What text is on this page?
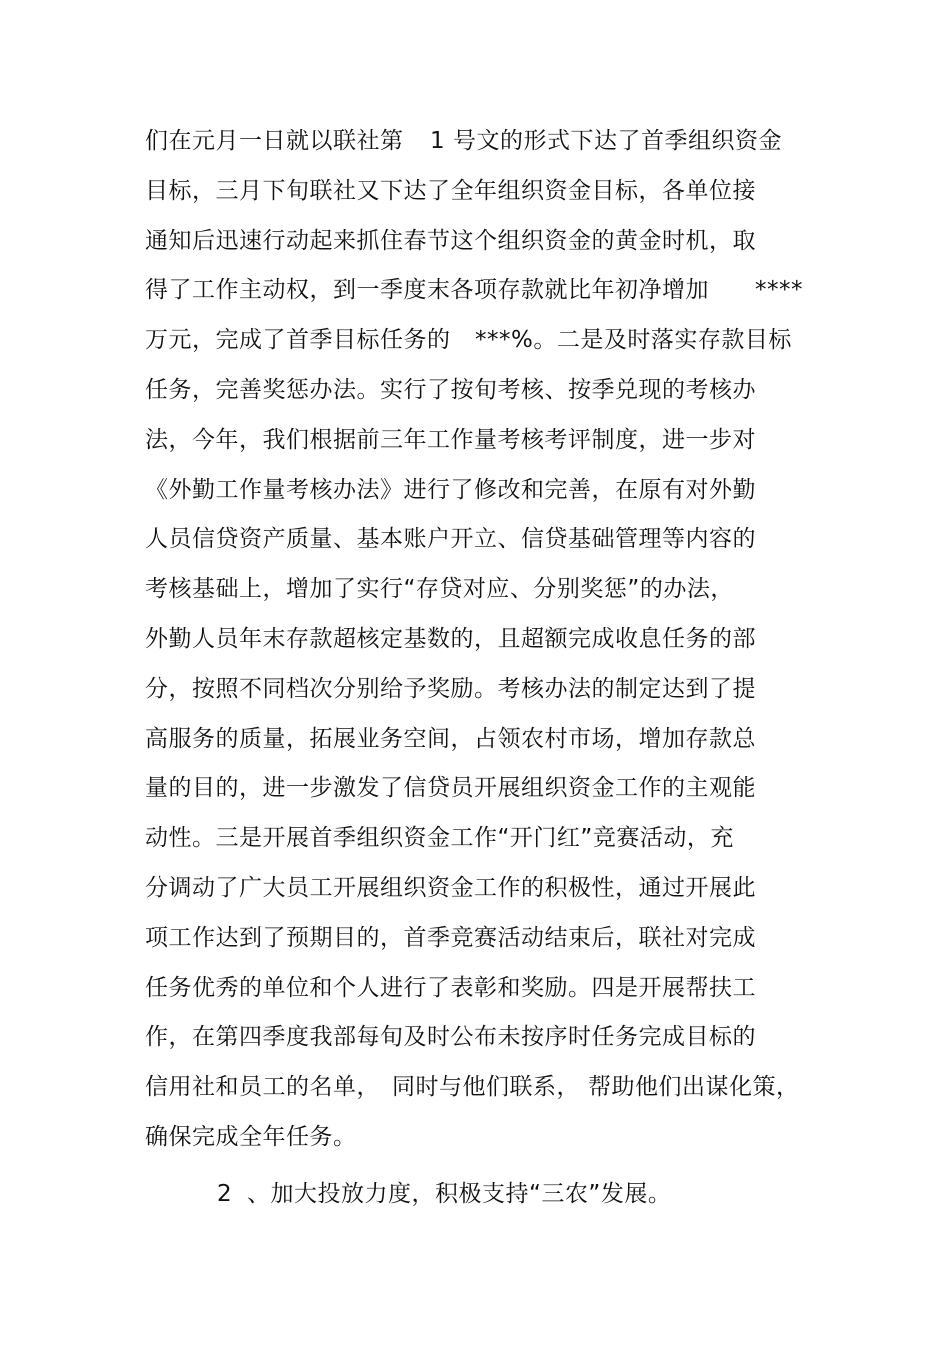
们在元月一日就以联社第 1 号文的形式下达了首季组织资金
目标，三月下旬联社又下达了全年组织资金目标，各单位接
通知后迅速行动起来抓住春节这个组织资金的黄金时机，取
得了工作主动权，到一季度末各项存款就比年初净增加 ****
万元，完成了首季目标任务的 ***%。二是及时落实存款目标
任务，完善奖惩办法。实行了按旬考核、按季兑现的考核办
法，今年，我们根据前三年工作量考核考评制度，进一步对
《外勤工作量考核办法》进行了修改和完善，在原有对外勤
人员信贷资产质量、基本账户开立、信贷基础管理等内容的
考核基础上，增加了实行“存贷对应、分别奖惩”的办法，
外勤人员年末存款超核定基数的，且超额完成收息任务的部
分，按照不同档次分别给予奖励。考核办法的制定达到了提
高服务的质量，拓展业务空间，占领农村市场，增加存款总
量的目的，进一步激发了信贷员开展组织资金工作的主观能
动性。三是开展首季组织资金工作“开门红”竞赛活动，充
分调动了广大员工开展组织资金工作的积极性，通过开展此
项工作达到了预期目的，首季竞赛活动结束后，联社对完成
任务优秀的单位和个人进行了表彰和奖励。四是开展帮扶工
作，在第四季度我部每旬及时公布未按序时任务完成目标的
信用社和员工的名单， 同时与他们联系， 帮助他们出谋化策，
确保完成全年任务。
2 、加大投放力度，积极支持“三农”发展。
